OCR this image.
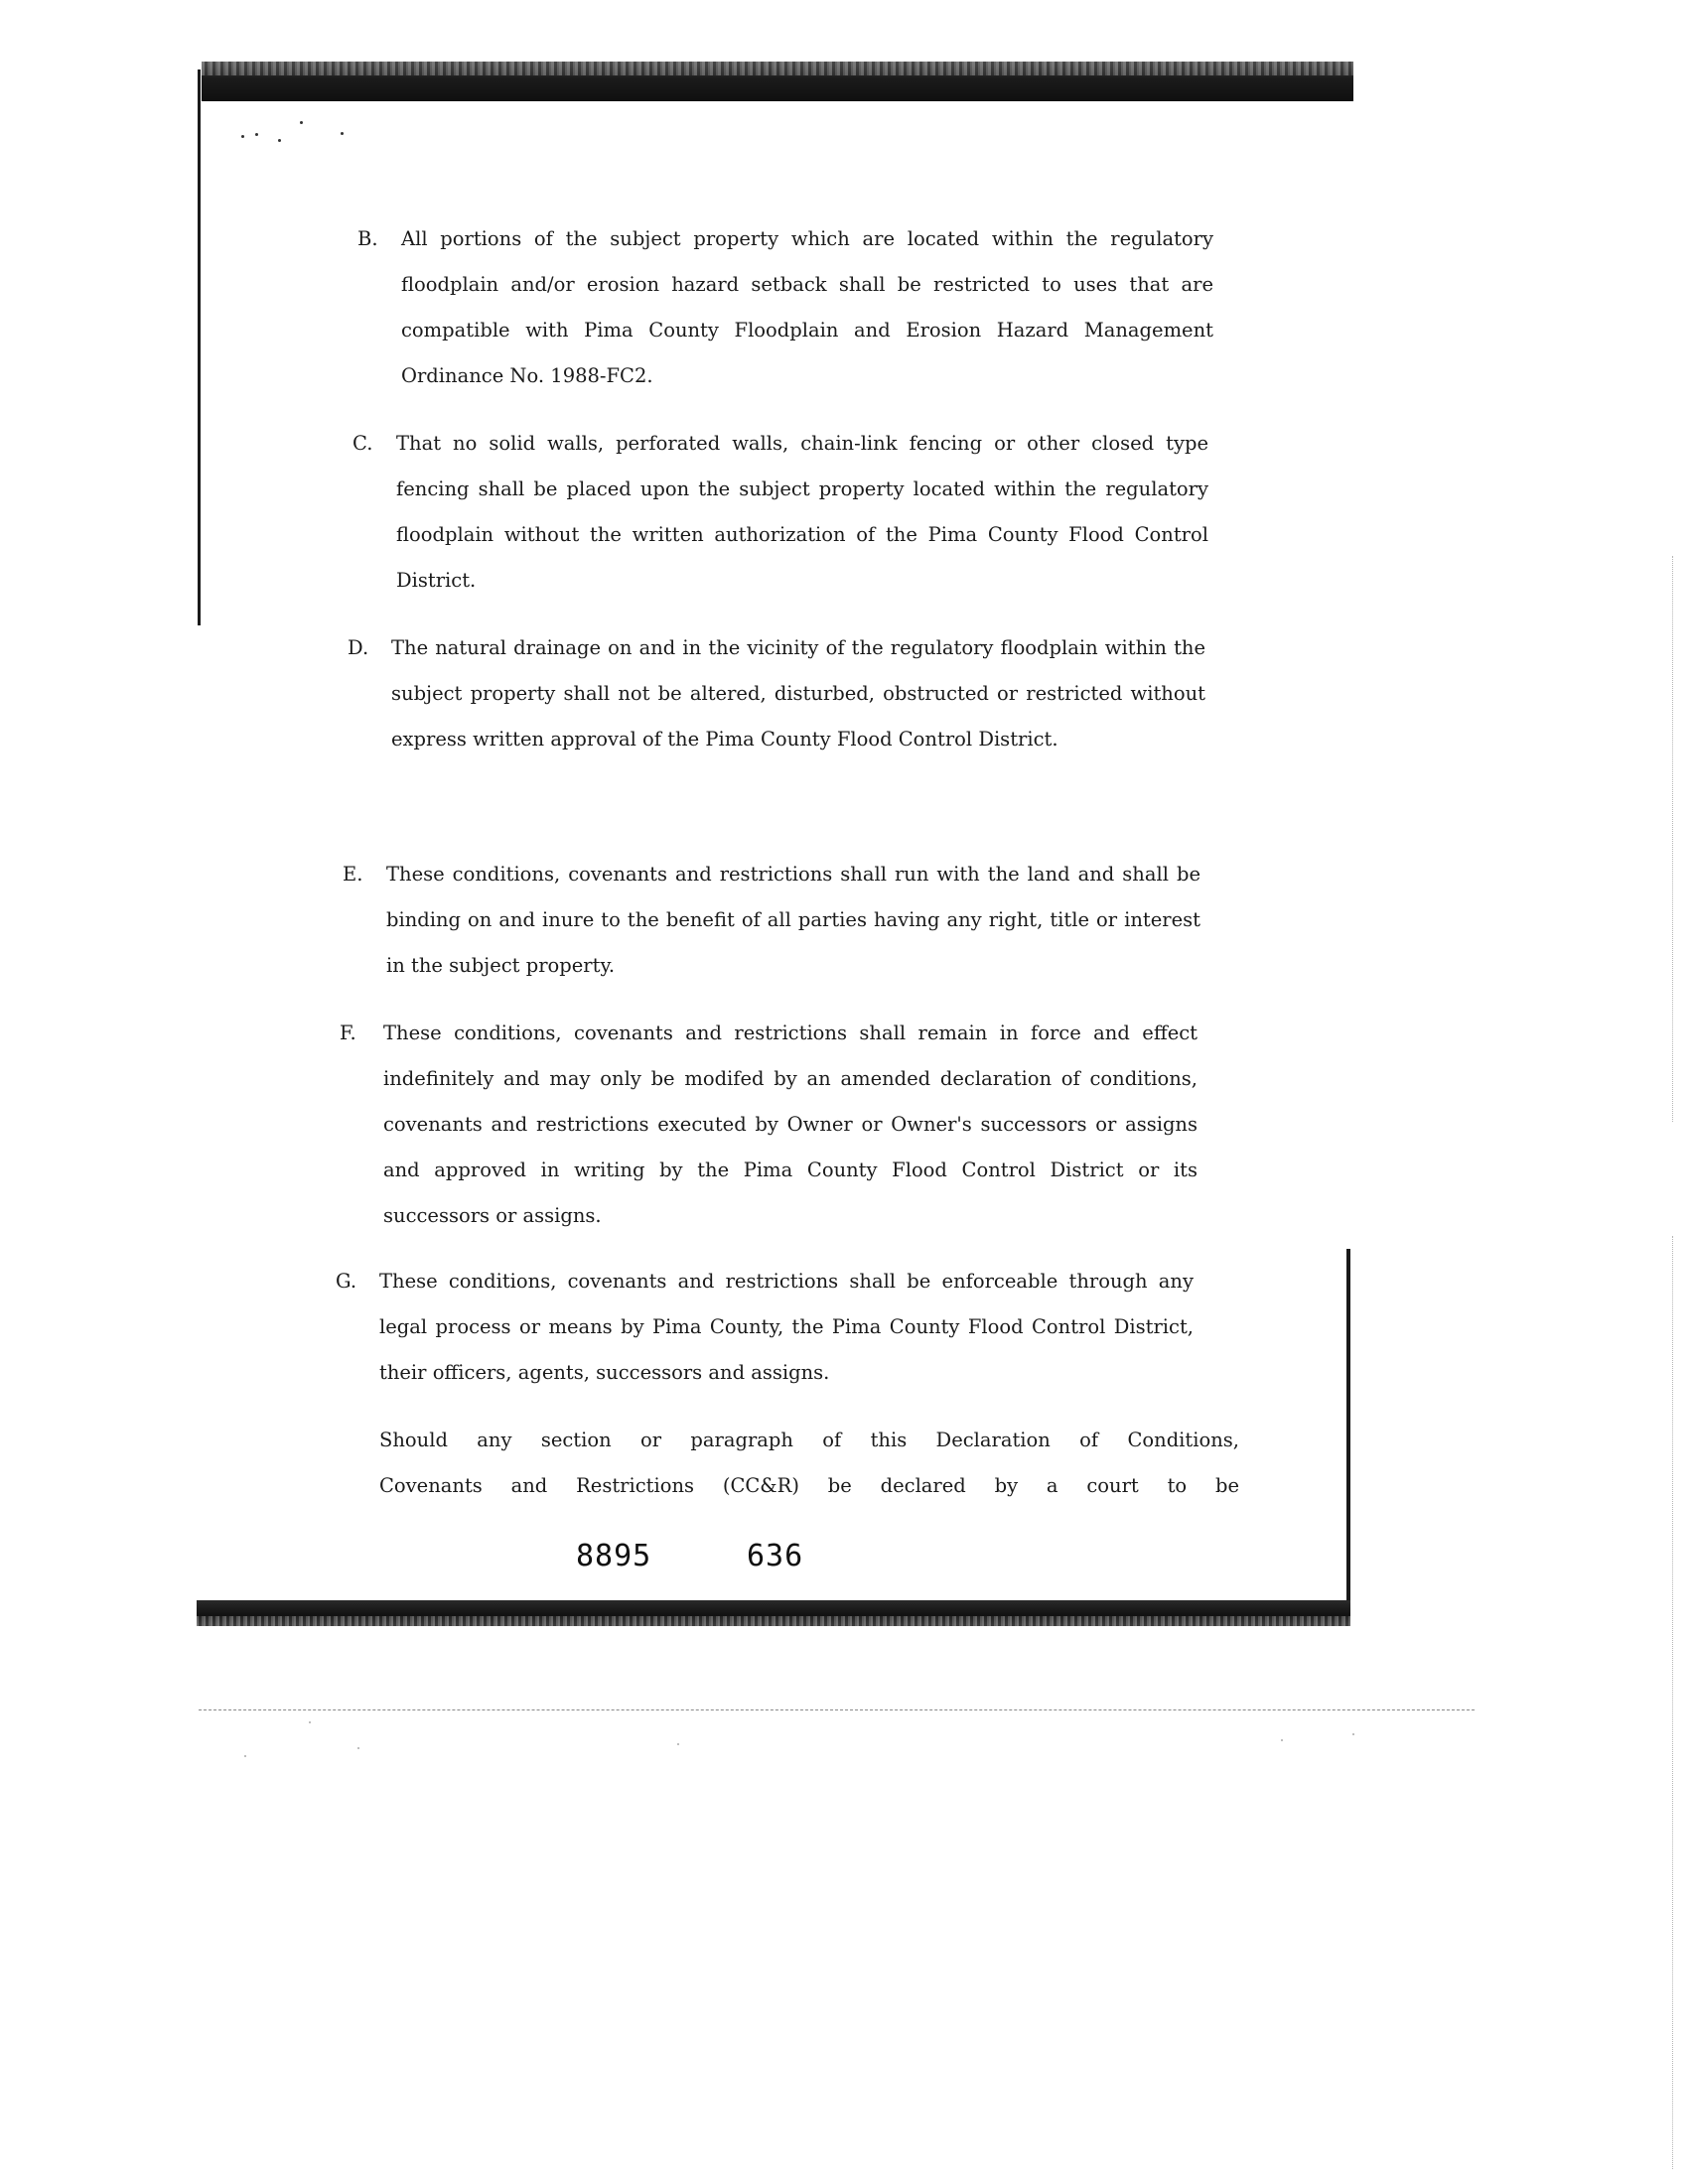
B. All portions of the subject property which are located within the regulatory floodplain and/or erosion hazard setback shall be restricted to uses that are compatible with Pima County Floodplain and Erosion Hazard Management Ordinance No. 1988-FC2.
C. That no solid walls, perforated walls, chain-link fencing or other closed type fencing shall be placed upon the subject property located within the regulatory floodplain without the written authorization of the Pima County Flood Control District.
D. The natural drainage on and in the vicinity of the regulatory floodplain within the subject property shall not be altered, disturbed, obstructed or restricted without express written approval of the Pima County Flood Control District.
E. These conditions, covenants and restrictions shall run with the land and shall be binding on and inure to the benefit of all parties having any right, title or interest in the subject property.
F. These conditions, covenants and restrictions shall remain in force and effect indefinitely and may only be modifed by an amended declaration of conditions, covenants and restrictions executed by Owner or Owner's successors or assigns and approved in writing by the Pima County Flood Control District or its successors or assigns.
G. These conditions, covenants and restrictions shall be enforceable through any legal process or means by Pima County, the Pima County Flood Control District, their officers, agents, successors and assigns.
Should any section or paragraph of this Declaration of Conditions,
Covenants and Restrictions (CC&R) be declared by a court to be
8895	636
